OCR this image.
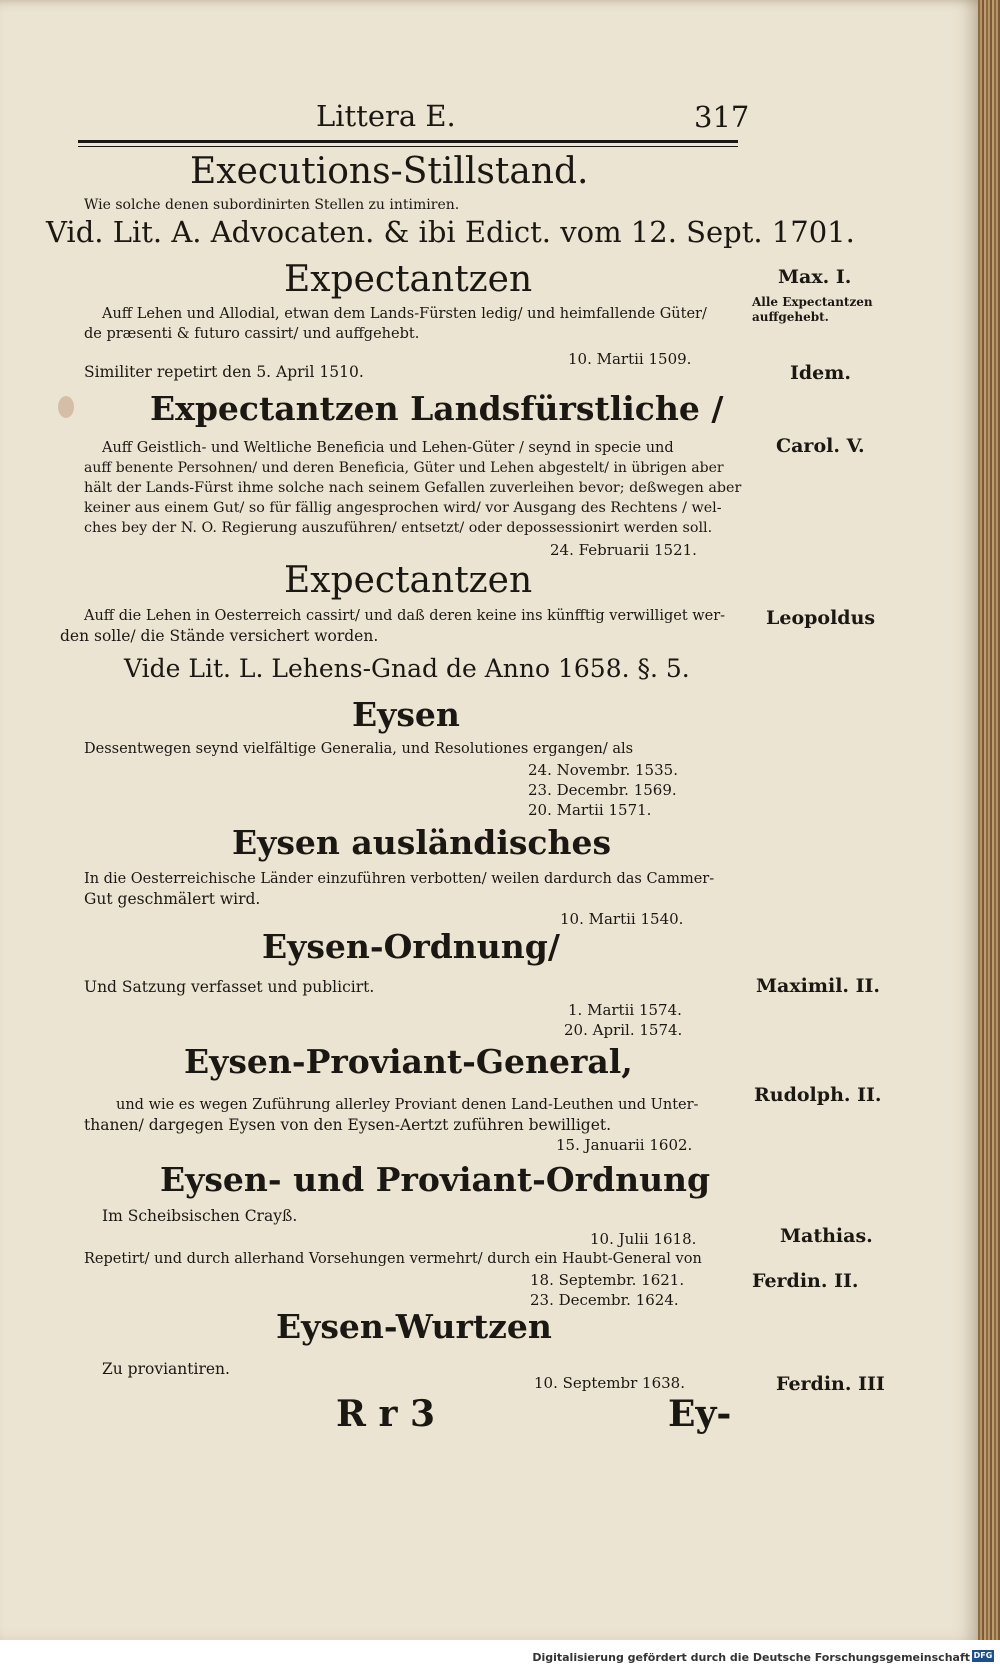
Littera E.	317
Executions-Stillstand.
Wie solche denen subordinirten Stellen zu intimiren.
Vid. Lit. A. Advocaten. & ibi Edict. vom 12. Sept. 1701.
Expectantzen	Max. I.
Alle Expectantzen
auffgehebt.
Auff Lehen und Allodial, etwan dem Lands-Fürsten ledig/ und heimfallende Güter/
de præsenti & futuro cassirt/ und auffgehebt.
10. Martii 1509.
Similiter repetirt den 5. April 1510.	Idem.
Expectantzen Landsfürstliche /
Carol. V.
Auff Geistlich- und Weltliche Beneficia und Lehen-Güter / seynd in specie und
auff benente Persohnen/ und deren Beneficia, Güter und Lehen abgestelt/ in übrigen aber
hält der Lands-Fürst ihme solche nach seinem Gefallen zuverleihen bevor; deßwegen aber
keiner aus einem Gut/ so für fällig angesprochen wird/ vor Ausgang des Rechtens / wel-
ches bey der N. O. Regierung auszuführen/ entsetzt/ oder depossessionirt werden soll.
24. Februarii 1521.
Expectantzen
Leopoldus
Auff die Lehen in Oesterreich cassirt/ und daß deren keine ins künfftig verwilliget wer-
den solle/ die Stände versichert worden.
Vide Lit. L. Lehens-Gnad de Anno 1658. §. 5.
Eysen
Dessentwegen seynd vielfältige Generalia, und Resolutiones ergangen/ als
24. Novembr. 1535.
23. Decembr. 1569.
20. Martii 1571.
Eysen ausländisches
In die Oesterreichische Länder einzuführen verbotten/ weilen dardurch das Cammer-
Gut geschmälert wird.
10. Martii 1540.
Eysen-Ordnung/
Maximil. II.
Und Satzung verfasset und publicirt.
1. Martii 1574.
20. April. 1574.
Eysen-Proviant-General,
Rudolph. II.
und wie es wegen Zuführung allerley Proviant denen Land-Leuthen und Unter-
thanen/ dargegen Eysen von den Eysen-Aertzt zuführen bewilliget.
15. Januarii 1602.
Eysen- und Proviant-Ordnung
Im Scheibsischen Crayß.
10. Julii 1618.	Mathias.
Repetirt/ und durch allerhand Vorsehungen vermehrt/ durch ein Haubt-General von
18. Septembr. 1621.
23. Decembr. 1624.
Ferdin. II.
Eysen-Wurtzen
Zu proviantiren.
10. Septembr 1638.	Ferdin. III
R r 3	Ey-
Digitalisierung gefördert durch die Deutsche Forschungsgemeinschaft DFG
